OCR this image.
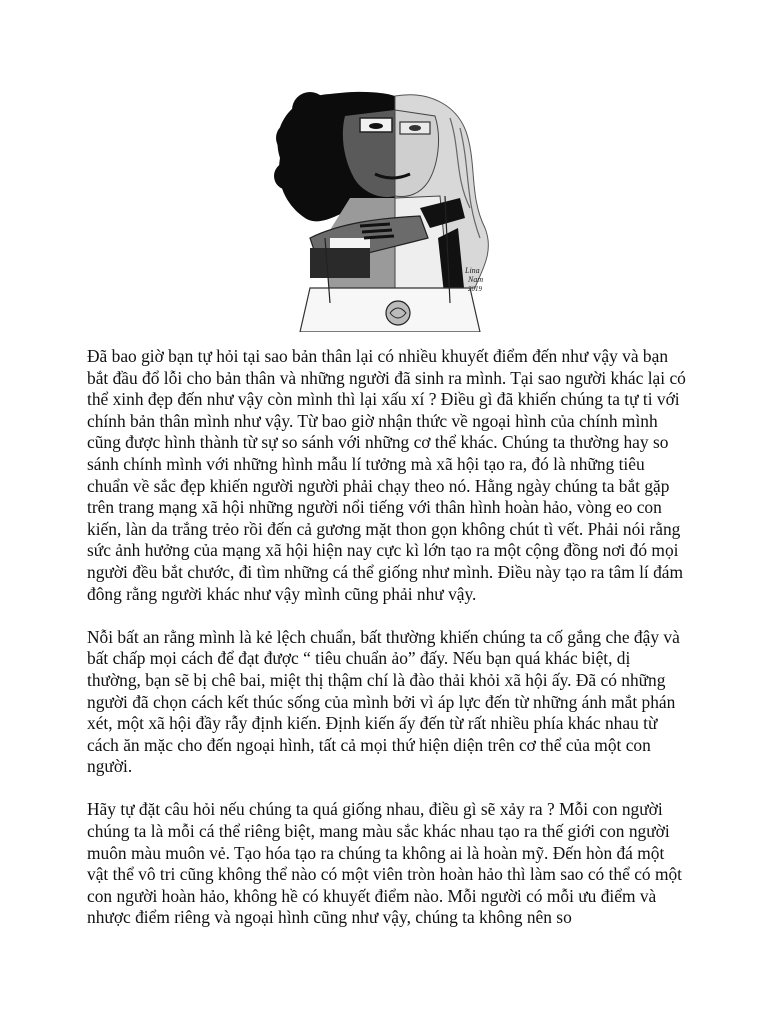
Lina
Nam
2019

Đã bao giờ bạn tự hỏi tại sao bản thân lại có nhiều khuyết điểm đến như vậy và bạn bắt đầu đổ lỗi cho bản thân và những người đã sinh ra mình. Tại sao người khác lại có thể xinh đẹp đến như vậy còn mình thì lại xấu xí ? Điều gì đã khiến chúng ta tự ti với chính bản thân mình như vậy. Từ bao giờ nhận thức về ngoại hình của chính mình cũng được hình thành từ sự so sánh với những cơ thể khác. Chúng ta thường hay so sánh chính mình với những hình mẫu lí tưởng mà xã hội tạo ra, đó là những tiêu chuẩn về sắc đẹp khiến người người phải chạy theo nó. Hằng ngày chúng ta bắt gặp trên trang mạng xã hội những người nổi tiếng với thân hình hoàn hảo, vòng eo con kiến, làn da trắng trẻo rồi đến cả gương mặt thon gọn không chút tì vết. Phải nói rằng sức ảnh hưởng của mạng xã hội hiện nay cực kì lớn tạo ra một cộng đồng nơi đó mọi người đều bắt chước, đi tìm những cá thể giống như mình. Điều này tạo ra tâm lí đám đông rằng người khác như vậy mình cũng phải như vậy.

Nỗi bất an rằng mình là kẻ lệch chuẩn, bất thường khiến chúng ta cố gắng che đậy và bất chấp mọi cách để đạt được “ tiêu chuẩn ảo” đấy. Nếu bạn quá khác biệt, dị thường, bạn sẽ bị chê bai, miệt thị thậm chí là đào thải khỏi xã hội ấy. Đã có những người đã chọn cách kết thúc sống của mình bởi vì áp lực đến từ những ánh mắt phán xét, một xã hội đầy rẫy định kiến. Định kiến ấy đến từ rất nhiều phía khác nhau từ cách ăn mặc cho đến ngoại hình, tất cả mọi thứ hiện diện trên cơ thể của một con người.

Hãy tự đặt câu hỏi nếu chúng ta quá giống nhau, điều gì sẽ xảy ra ? Mỗi con người chúng ta là mỗi cá thể riêng biệt, mang màu sắc khác nhau tạo ra thế giới con người muôn màu muôn vẻ. Tạo hóa tạo ra chúng ta không ai là hoàn mỹ. Đến hòn đá một vật thể vô tri cũng không thể nào có một viên tròn hoàn hảo thì làm sao có thể có một con người hoàn hảo, không hề có khuyết điểm nào. Mỗi người có mỗi ưu điểm và nhược điểm riêng và ngoại hình cũng như vậy, chúng ta không nên so
